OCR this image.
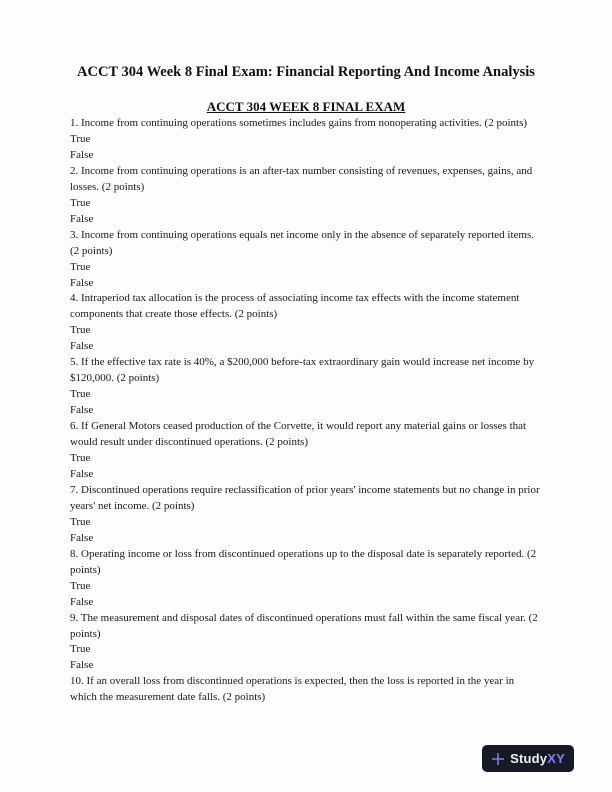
ACCT 304 Week 8 Final Exam: Financial Reporting And Income Analysis
ACCT 304 WEEK 8 FINAL EXAM
1. Income from continuing operations sometimes includes gains from nonoperating activities. (2 points)
True
False
2. Income from continuing operations is an after-tax number consisting of revenues, expenses, gains, and losses. (2 points)
True
False
3. Income from continuing operations equals net income only in the absence of separately reported items. (2 points)
True
False
4. Intraperiod tax allocation is the process of associating income tax effects with the income statement components that create those effects. (2 points)
True
False
5. If the effective tax rate is 40%, a $200,000 before-tax extraordinary gain would increase net income by $120,000. (2 points)
True
False
6. If General Motors ceased production of the Corvette, it would report any material gains or losses that would result under discontinued operations. (2 points)
True
False
7. Discontinued operations require reclassification of prior years' income statements but no change in prior years' net income. (2 points)
True
False
8. Operating income or loss from discontinued operations up to the disposal date is separately reported. (2 points)
True
False
9. The measurement and disposal dates of discontinued operations must fall within the same fiscal year. (2 points)
True
False
10. If an overall loss from discontinued operations is expected, then the loss is reported in the year in which the measurement date falls. (2 points)
StudyXY
